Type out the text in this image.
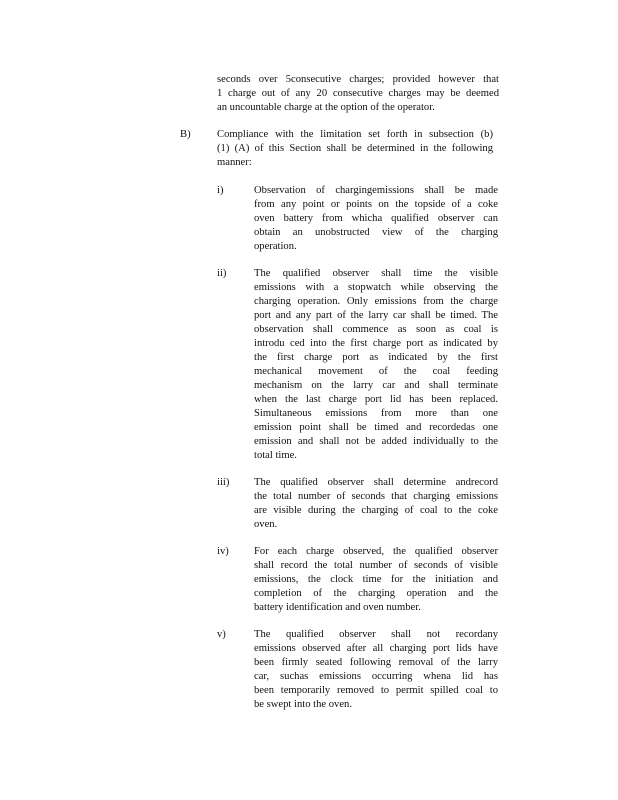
seconds over 5consecutive charges; provided however that
1 charge out of any 20 consecutive charges may be deemed
an uncountable charge at the option of the operator.
B) Compliance with the limitation set forth in subsection (b)
(1) (A) of this Section shall be determined in the following
manner:
i)	Observation of chargingemissions shall be made
from any point or points on the topside of a coke
oven battery from whicha qualified observer can
obtain an unobstructed view of the charging
operation.
ii)	The qualified observer shall time the visible
emissions with a stopwatch while observing the
charging operation. Only emissions from the charge
port and any part of the larry car shall be timed. The
observation shall commence as soon as coal is
introdu ced into the first charge port as indicated by
the first charge port as indicated by the first
mechanical movement of the coal feeding
mechanism on the larry car and shall terminate
when the last charge port lid has been replaced.
Simultaneous emissions from more than one
emission point shall be timed and recordedas one
emission and shall not be added individually to the
total time.
iii) The qualified observer shall determine andrecord
the total number of seconds that charging emissions
are visible during the charging of coal to the coke
oven.
iv) For each charge observed, the qualified observer
shall record the total number of seconds of visible
emissions, the clock time for the initiation and
completion of the charging operation and the
battery identification and oven number.
v)	The qualified observer shall not recordany
emissions observed after all charging port lids have
been firmly seated following removal of the larry
car, suchas emissions occurring whena lid has
been temporarily removed to permit spilled coal to
be swept into the oven.
